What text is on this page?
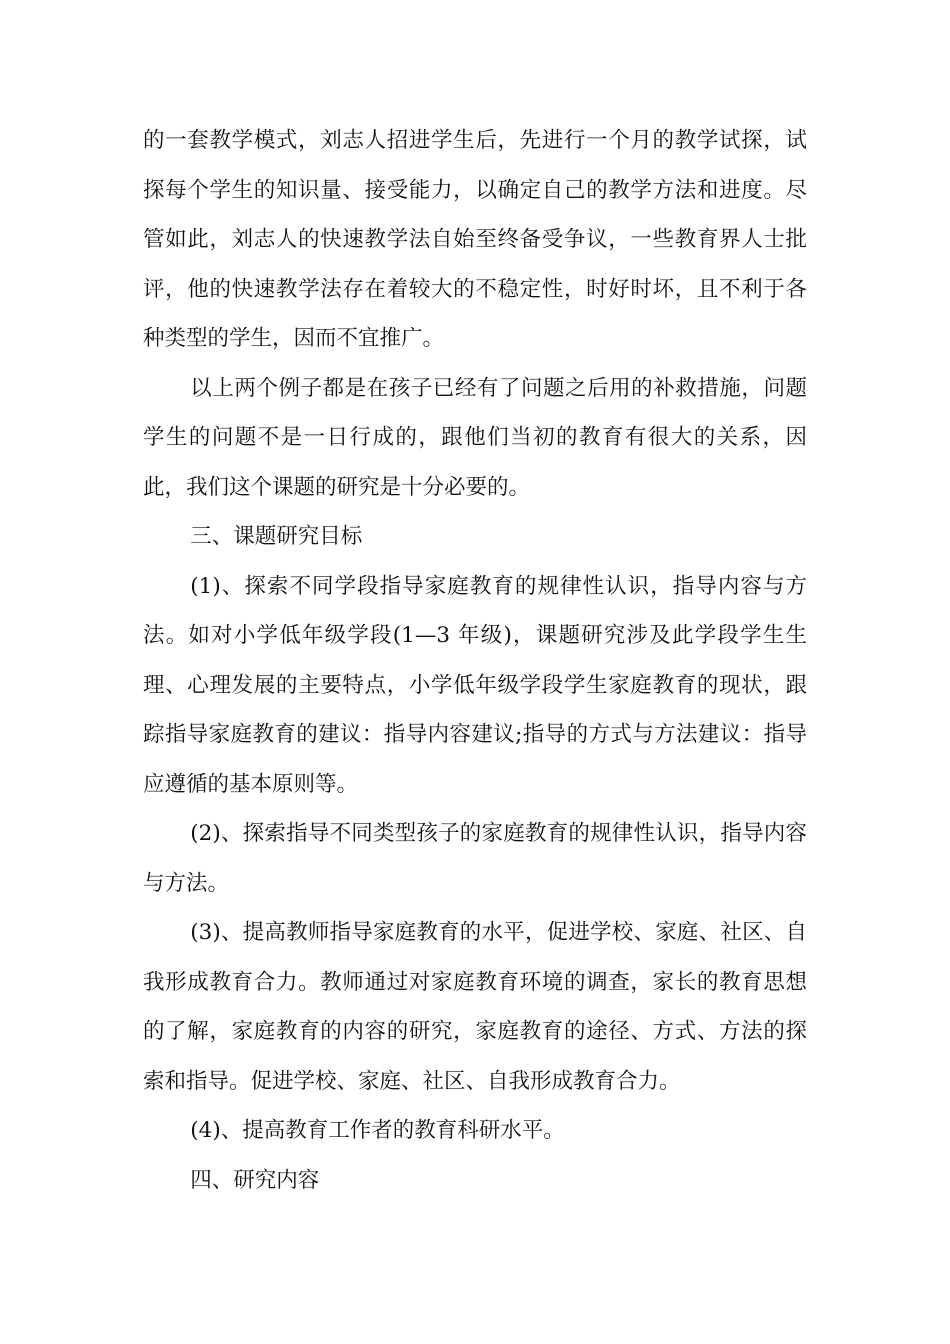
的一套教学模式，刘志人招进学生后，先进行一个月的教学试探，试探每个学生的知识量、接受能力，以确定自己的教学方法和进度。尽管如此，刘志人的快速教学法自始至终备受争议，一些教育界人士批评，他的快速教学法存在着较大的不稳定性，时好时坏，且不利于各种类型的学生，因而不宜推广。

以上两个例子都是在孩子已经有了问题之后用的补救措施，问题学生的问题不是一日行成的，跟他们当初的教育有很大的关系，因此，我们这个课题的研究是十分必要的。

三、课题研究目标

(1)、探索不同学段指导家庭教育的规律性认识，指导内容与方法。如对小学低年级学段(1—3 年级)，课题研究涉及此学段学生生理、心理发展的主要特点，小学低年级学段学生家庭教育的现状，跟踪指导家庭教育的建议：指导内容建议;指导的方式与方法建议：指导应遵循的基本原则等。

(2)、探索指导不同类型孩子的家庭教育的规律性认识，指导内容与方法。

(3)、提高教师指导家庭教育的水平，促进学校、家庭、社区、自我形成教育合力。教师通过对家庭教育环境的调查，家长的教育思想的了解，家庭教育的内容的研究，家庭教育的途径、方式、方法的探索和指导。促进学校、家庭、社区、自我形成教育合力。

(4)、提高教育工作者的教育科研水平。

四、研究内容
